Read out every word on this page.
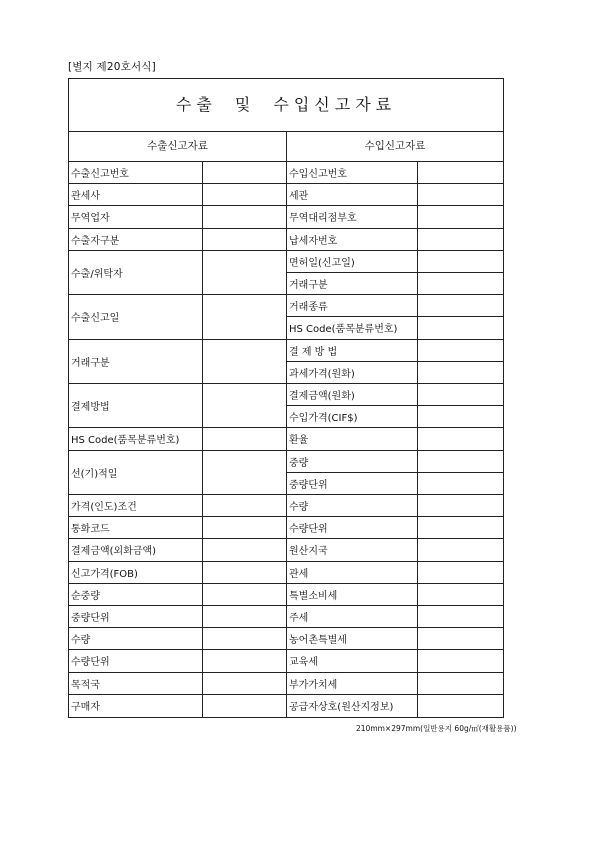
[별지 제20호서식]
수출 및 수입신고자료
수출신고자료	수입신고자료
수출신고번호
관세사
무역업자
수출자구분
수출/위탁자
수출신고일
거래구분
결제방법
HS Code(품목분류번호)
선(기)적일
가격(인도)조건
통화코드
결제금액(외화금액)
신고가격(FOB)
순중량
중량단위
수량
수량단위
목적국
구매자
수입신고번호
세관
무역대리점부호
납세자번호
면허일(신고일)
거래구분
거래종류
HS Code(품목분류번호)
결 제 방 법
과세가격(원화)
결제금액(원화)
수입가격(CIF$)
환율
중량
중량단위
수량
수량단위
원산지국
관세
특별소비세
주세
농어촌특별세
교육세
부가가치세
공급자상호(원산지정보)
210mm×297mm(일반용지 60g/㎡(재활용품))
